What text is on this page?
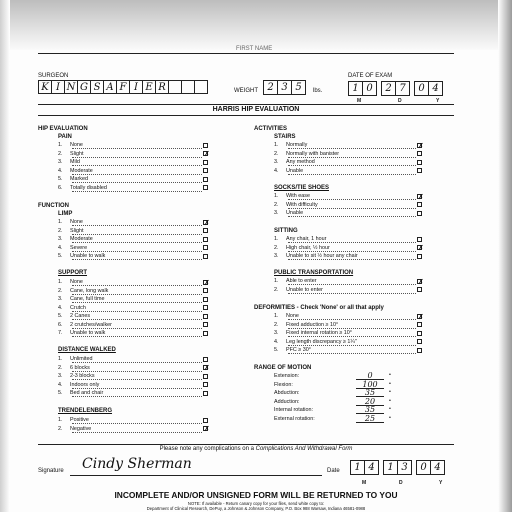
FIRST NAME
SURGEON
K I N G S A F I E R	WEIGHT 2 3 5	lbs.
DATE OF EXAM
1 0	2 7	0 4
M	D	Y
HARRIS HIP EVALUATION
HIP EVALUATION
PAIN
1. None
2. Slight	✗
3. Mild
4. Moderate
5. Marked
6. Totally disabled
FUNCTION
LIMP
1. None	✗
2. Slight
3. Moderate
4. Severe
5. Unable to walk
SUPPORT
1. None	✗
2. Cane, long walk
3. Cane, full time
4. Crutch
5. 2 Canes
6. 2 crutches/walker
7. Unable to walk
DISTANCE WALKED
1. Unlimited
2. 6 blocks	✗
3. 2-3 blocks
4. Indoors only
5. Bed and chair
TRENDELENBERG
1. Positive
2. Negative	✗
ACTIVITIES
STAIRS
1. Normally	✗
2. Normally with banister
3. Any method
4. Unable
SOCKS/TIE SHOES
1. With ease	✗
2. With difficulty
3. Unable
SITTING
1. Any chair, 1 hour
2. High chair, ½ hour	✗
3. Unable to sit ½ hour any chair
PUBLIC TRANSPORTATION
1. Able to enter	✗
2. Unable to enter
DEFORMITIES - Check 'None' or all that apply
1. None	✗
2. Fixed adduction ≥ 10°
3. Fixed internal rotation ≥ 10°
4. Leg length discrepancy ≥ 1¼"
5. PFC ≥ 30°
RANGE OF MOTION
Extension:	0	•
Flexion:	100	•
Abduction:	35	•
Adduction:	20	•
Internal rotation:	35	•
External rotation:	25	•
Please note any complications on a Complications And Withdrawal Form
Signature Cindy Sherman	Date	1 4	1 3	0 4
M	D	Y
INCOMPLETE AND/OR UNSIGNED FORM WILL BE RETURNED TO YOU
NOTE: If available - Return canary copy for your files, send white copy to:
Department of Clinical Research, DePuy, a Johnson & Johnson Company, P.O. Box 988 Warsaw, Indiana 46581-0988
